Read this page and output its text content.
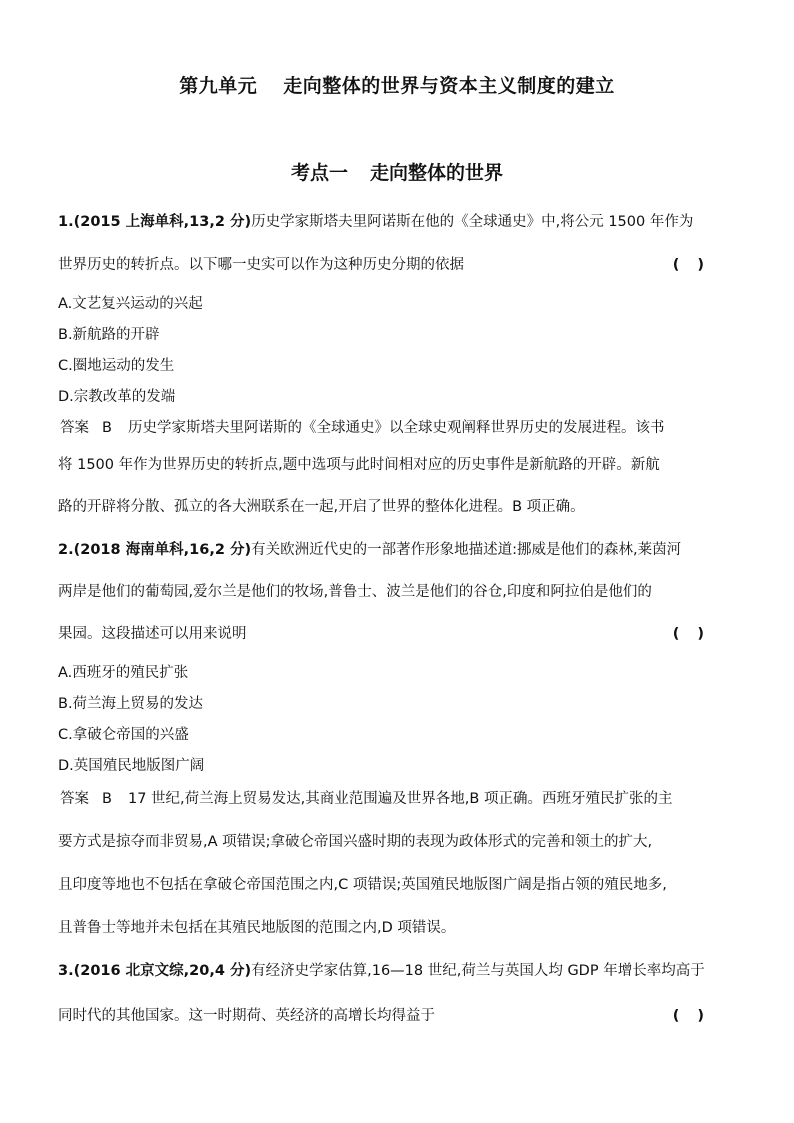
第九单元 走向整体的世界与资本主义制度的建立
考点一 走向整体的世界
1.(2015 上海单科,13,2 分)历史学家斯塔夫里阿诺斯在他的《全球通史》中,将公元 1500 年作为
世界历史的转折点。以下哪一史实可以作为这种历史分期的依据	()
A.文艺复兴运动的兴起
B.新航路的开辟
C.圈地运动的发生
D.宗教改革的发端
答案 B 历史学家斯塔夫里阿诺斯的《全球通史》以全球史观阐释世界历史的发展进程。该书
将 1500 年作为世界历史的转折点,题中选项与此时间相对应的历史事件是新航路的开辟。新航
路的开辟将分散、孤立的各大洲联系在一起,开启了世界的整体化进程。B 项正确。
2.(2018 海南单科,16,2 分)有关欧洲近代史的一部著作形象地描述道:挪威是他们的森林,莱茵河
两岸是他们的葡萄园,爱尔兰是他们的牧场,普鲁士、波兰是他们的谷仓,印度和阿拉伯是他们的
果园。这段描述可以用来说明	()
A.西班牙的殖民扩张
B.荷兰海上贸易的发达
C.拿破仑帝国的兴盛
D.英国殖民地版图广阔
答案 B 17 世纪,荷兰海上贸易发达,其商业范围遍及世界各地,B 项正确。西班牙殖民扩张的主
要方式是掠夺而非贸易,A 项错误;拿破仑帝国兴盛时期的表现为政体形式的完善和领土的扩大,
且印度等地也不包括在拿破仑帝国范围之内,C 项错误;英国殖民地版图广阔是指占领的殖民地多,
且普鲁士等地并未包括在其殖民地版图的范围之内,D 项错误。
3.(2016 北京文综,20,4 分)有经济史学家估算,16—18 世纪,荷兰与英国人均 GDP 年增长率均高于
同时代的其他国家。这一时期荷、英经济的高增长均得益于	()
